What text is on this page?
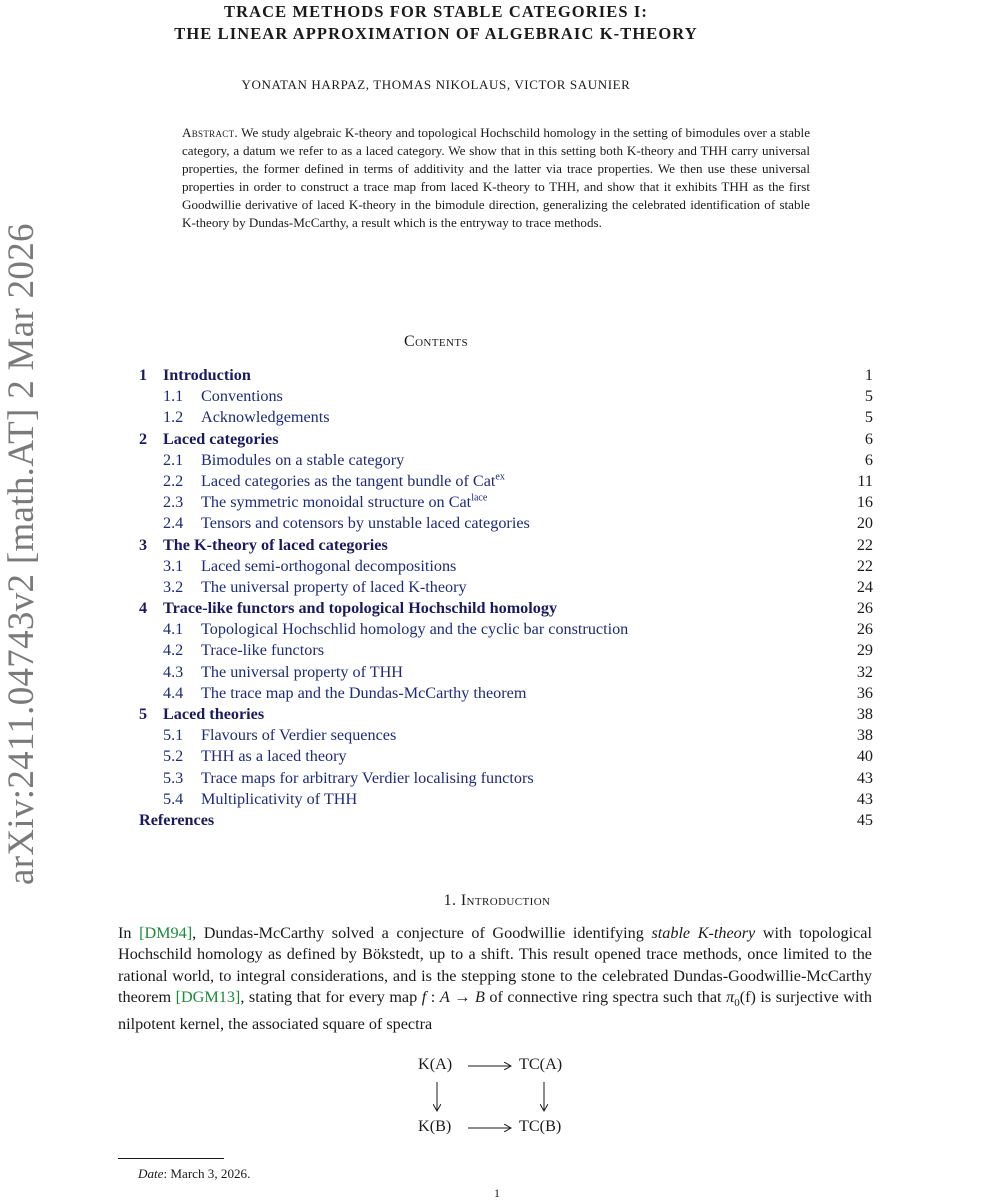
arXiv:2411.04743v2 [math.AT] 2 Mar 2026
TRACE METHODS FOR STABLE CATEGORIES I:
THE LINEAR APPROXIMATION OF ALGEBRAIC K-THEORY
YONATAN HARPAZ, THOMAS NIKOLAUS, VICTOR SAUNIER
Abstract. We study algebraic K-theory and topological Hochschild homology in the setting of bimodules over a stable category, a datum we refer to as a laced category. We show that in this setting both K-theory and THH carry universal properties, the former defined in terms of additivity and the latter via trace properties. We then use these universal properties in order to construct a trace map from laced K-theory to THH, and show that it exhibits THH as the first Goodwillie derivative of laced K-theory in the bimodule direction, generalizing the celebrated identification of stable K-theory by Dundas-McCarthy, a result which is the entryway to trace methods.
Contents
1 Introduction	1
1.1 Conventions	5
1.2 Acknowledgements	5
2 Laced categories	6
2.1 Bimodules on a stable category	6
2.2 Laced categories as the tangent bundle of Cat$^{ex}$	11
2.3 The symmetric monoidal structure on Cat$^{lace}$	16
2.4 Tensors and cotensors by unstable laced categories	20
3 The K-theory of laced categories	22
3.1 Laced semi-orthogonal decompositions	22
3.2 The universal property of laced K-theory	24
4 Trace-like functors and topological Hochschild homology	26
4.1 Topological Hochschlid homology and the cyclic bar construction	26
4.2 Trace-like functors	29
4.3 The universal property of THH	32
4.4 The trace map and the Dundas-McCarthy theorem	36
5 Laced theories	38
5.1 Flavours of Verdier sequences	38
5.2 THH as a laced theory	40
5.3 Trace maps for arbitrary Verdier localising functors	43
5.4 Multiplicativity of THH	43
References	45
1. Introduction
In [DM94], Dundas-McCarthy solved a conjecture of Goodwillie identifying stable K-theory with topological Hochschild homology as defined by Bökstedt, up to a shift. This result opened trace methods, once limited to the rational world, to integral considerations, and is the stepping stone to the celebrated Dundas-Goodwillie-McCarthy theorem [DGM13], stating that for every map f : A → B of connective ring spectra such that $\pi_0(f)$ is surjective with nilpotent kernel, the associated square of spectra
K(A)	TC(A)
K(B)	TC(B)
Date: March 3, 2026.
1
